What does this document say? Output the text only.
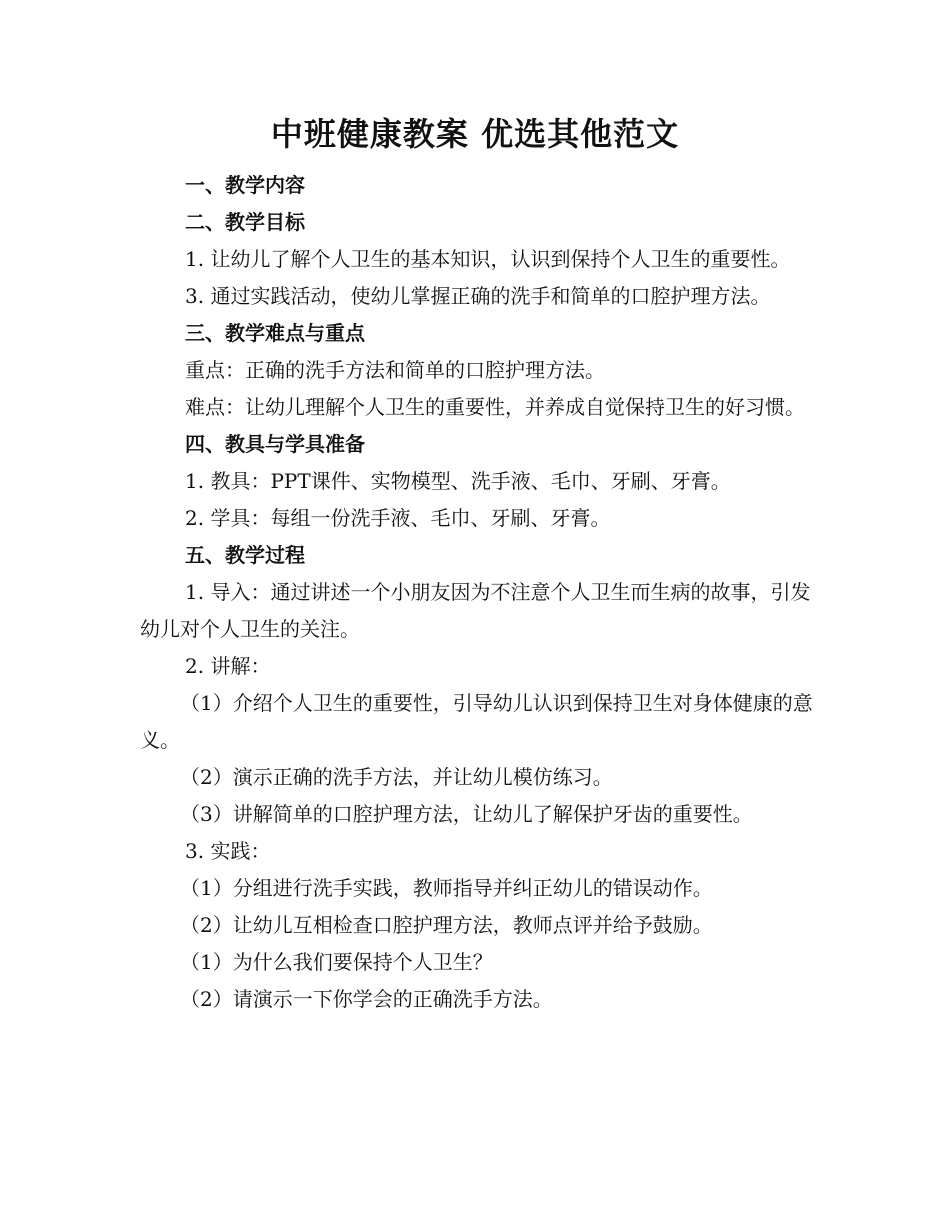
中班健康教案 优选其他范文

一、教学内容

二、教学目标

1. 让幼儿了解个人卫生的基本知识，认识到保持个人卫生的重要性。

3. 通过实践活动，使幼儿掌握正确的洗手和简单的口腔护理方法。

三、教学难点与重点

重点：正确的洗手方法和简单的口腔护理方法。

难点：让幼儿理解个人卫生的重要性，并养成自觉保持卫生的好习惯。

四、教具与学具准备

1. 教具：PPT课件、实物模型、洗手液、毛巾、牙刷、牙膏。

2. 学具：每组一份洗手液、毛巾、牙刷、牙膏。

五、教学过程

1. 导入：通过讲述一个小朋友因为不注意个人卫生而生病的故事，引发幼儿对个人卫生的关注。

2. 讲解：

（1）介绍个人卫生的重要性，引导幼儿认识到保持卫生对身体健康的意义。

（2）演示正确的洗手方法，并让幼儿模仿练习。

（3）讲解简单的口腔护理方法，让幼儿了解保护牙齿的重要性。

3. 实践：

（1）分组进行洗手实践，教师指导并纠正幼儿的错误动作。

（2）让幼儿互相检查口腔护理方法，教师点评并给予鼓励。

（1）为什么我们要保持个人卫生？

（2）请演示一下你学会的正确洗手方法。
